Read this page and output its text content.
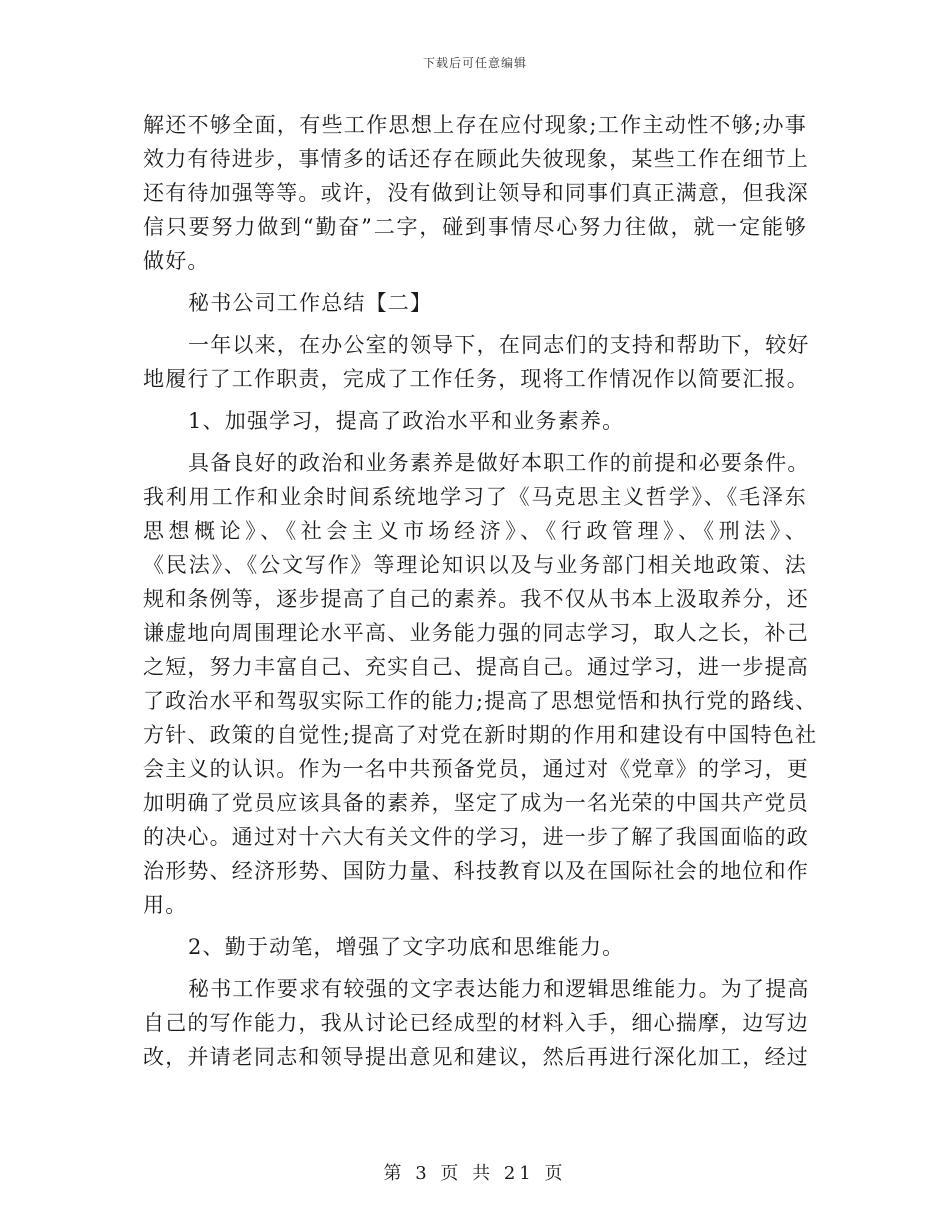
下载后可任意编辑

解还不够全面，有些工作思想上存在应付现象;工作主动性不够;办事

效力有待进步，事情多的话还存在顾此失彼现象，某些工作在细节上

还有待加强等等。或许，没有做到让领导和同事们真正满意，但我深

信只要努力做到“勤奋”二字，碰到事情尽心努力往做，就一定能够

做好。

秘书公司工作总结【二】

一年以来，在办公室的领导下，在同志们的支持和帮助下，较好

地履行了工作职责，完成了工作任务，现将工作情况作以简要汇报。

1、加强学习，提高了政治水平和业务素养。

具备良好的政治和业务素养是做好本职工作的前提和必要条件。

我利用工作和业余时间系统地学习了《马克思主义哲学》、《毛泽东

思想概论》、《社会主义市场经济》、《行政管理》、《刑法》、

《民法》、《公文写作》等理论知识以及与业务部门相关地政策、法

规和条例等，逐步提高了自己的素养。我不仅从书本上汲取养分，还

谦虚地向周围理论水平高、业务能力强的同志学习，取人之长，补己

之短，努力丰富自己、充实自己、提高自己。通过学习，进一步提高

了政治水平和驾驭实际工作的能力;提高了思想觉悟和执行党的路线、

方针、政策的自觉性;提高了对党在新时期的作用和建设有中国特色社

会主义的认识。作为一名中共预备党员，通过对《党章》的学习，更

加明确了党员应该具备的素养，坚定了成为一名光荣的中国共产党员

的决心。通过对十六大有关文件的学习，进一步了解了我国面临的政

治形势、经济形势、国防力量、科技教育以及在国际社会的地位和作

用。

2、勤于动笔，增强了文字功底和思维能力。

秘书工作要求有较强的文字表达能力和逻辑思维能力。为了提高

自己的写作能力，我从讨论已经成型的材料入手，细心揣摩，边写边

改，并请老同志和领导提出意见和建议，然后再进行深化加工，经过

第 3 页 共 21 页
